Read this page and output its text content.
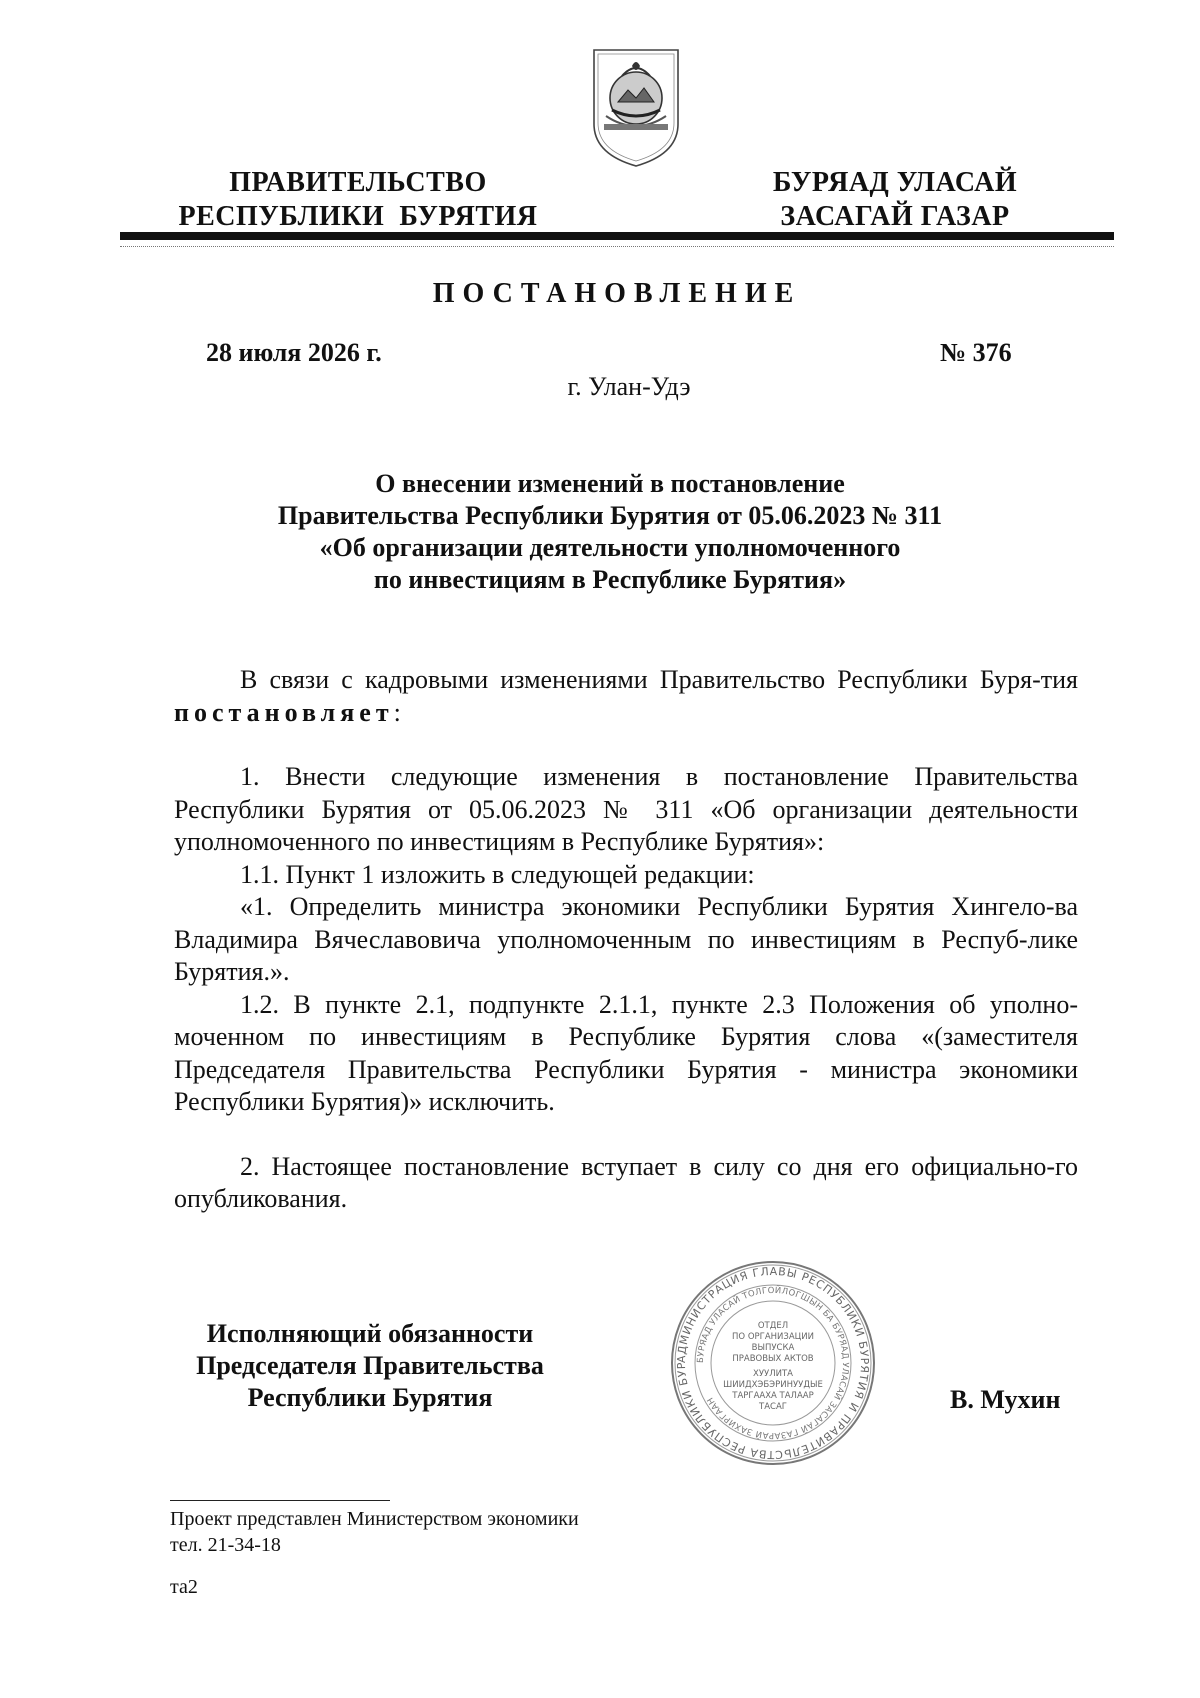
ПРАВИТЕЛЬСТВО
РЕСПУБЛИКИ  БУРЯТИЯ
БУРЯАД УЛАСАЙ
ЗАСАГАЙ ГАЗАР
ПОСТАНОВЛЕНИЕ
28 июля 2026 г.	№ 376
г. Улан-Удэ
О внесении изменений в постановление
Правительства Республики Бурятия от 05.06.2023 № 311
«Об организации деятельности уполномоченного
по инвестициям в Республике Бурятия»

В связи с кадровыми изменениями Правительство Республики Буря-тия постановляет:

1. Внести следующие изменения в постановление Правительства Республики Бурятия от 05.06.2023 № 311 «Об организации деятельности уполномоченного по инвестициям в Республике Бурятия»:

1.1. Пункт 1 изложить в следующей редакции:

«1. Определить министра экономики Республики Бурятия Хингело-ва Владимира Вячеславовича уполномоченным по инвестициям в Респуб-лике Бурятия.».

1.2. В пункте 2.1, подпункте 2.1.1, пункте 2.3 Положения об уполно-моченном по инвестициям в Республике Бурятия слова «(заместителя Председателя Правительства Республики Бурятия - министра экономики Республики Бурятия)» исключить.

2. Настоящее постановление вступает в силу со дня его официально-го опубликования.

Исполняющий обязанности
Председателя Правительства
Республики Бурятия	В. Мухин
АДМИНИСТРАЦИЯ ГЛАВЫ РЕСПУБЛИКИ БУРЯТИЯ И ПРАВИТЕЛЬСТВА РЕСПУБЛИКИ БУР
БУРЯАД УЛАСАЙ ТОЛГОЙЛОГШЫН БА БУРЯАД УЛАСАЙ ЗАСАГАЙ ГАЗАРАЙ ЗАХИРГААН
ОТДЕЛ
ПО ОРГАНИЗАЦИИ
ВЫПУСКА
ПРАВОВЫХ АКТОВ
ХУУЛИТА
ШИИДХЭБЭРИНУУДЫЕ
ТАРГААХА ТАЛААР
ТАСАГ
Проект представлен Министерством экономики
тел. 21-34-18
та2
